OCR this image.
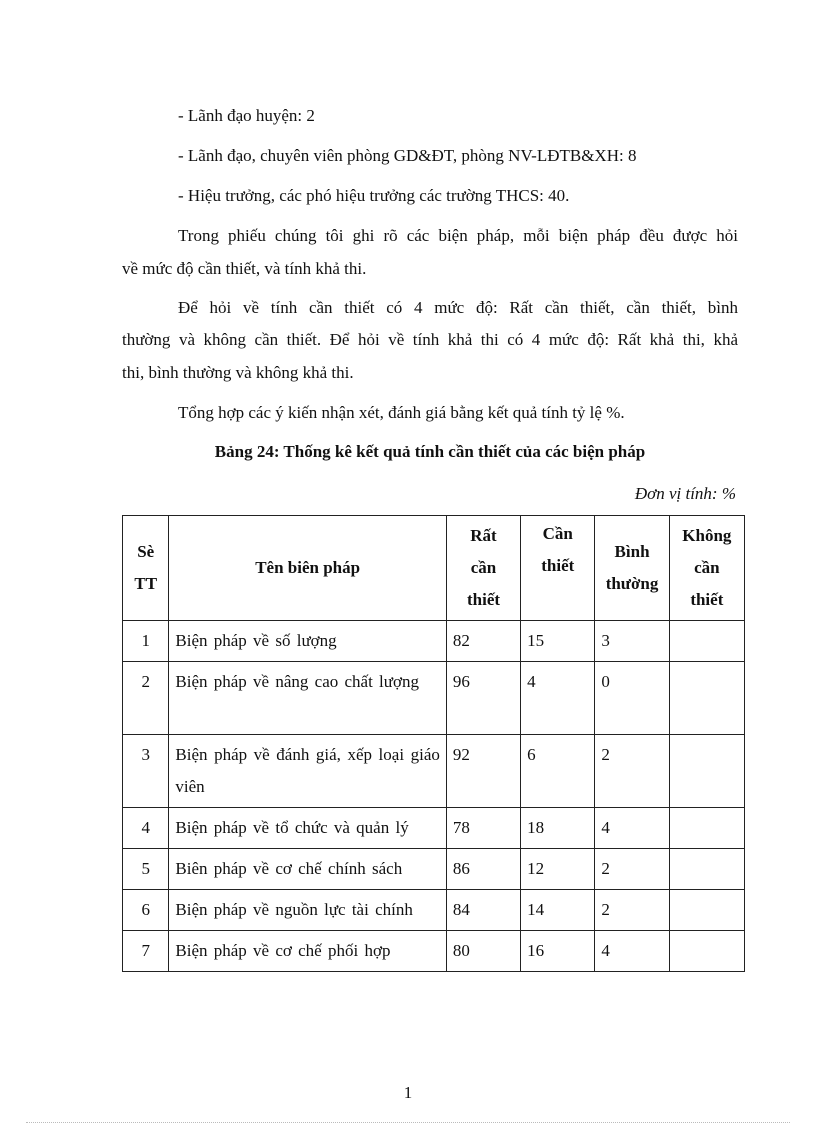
- Lãnh đạo huyện: 2
- Lãnh đạo, chuyên viên phòng GD&ĐT, phòng NV-LĐTB&XH: 8
- Hiệu trưởng, các phó hiệu trưởng các trường THCS: 40.
Trong phiếu chúng tôi ghi rõ các biện pháp, mỗi biện pháp đều được hỏi
về mức độ cần thiết, và tính khả thi.
Để hỏi về tính cần thiết có 4 mức độ: Rất cần thiết, cần thiết, bình
thường và không cần thiết. Để hỏi về tính khả thi có 4 mức độ: Rất khả thi, khả
thi, bình thường và không khả thi.
Tổng hợp các ý kiến nhận xét, đánh giá bằng kết quả tính tỷ lệ %.
Bảng 24: Thống kê kết quả tính cần thiết của các biện pháp
Đơn vị tính: %
Sè
TT	Tên biên pháp	Rất
cần
thiết	Cần
thiết	Bình
thường	Không
cần
thiết
1	Biện pháp về số lượng	82	15	3	
2	Biện pháp về nâng cao chất lượng	96	4	0	
3	Biện pháp về đánh giá, xếp loại giáo viên	92	6	2	
4	Biện pháp về tổ chức và quản lý	78	18	4	
5	Biên pháp về cơ chế chính sách	86	12	2	
6	Biện pháp về nguồn lực tài chính	84	14	2	
7	Biện pháp về cơ chế phối hợp	80	16	4	
1
